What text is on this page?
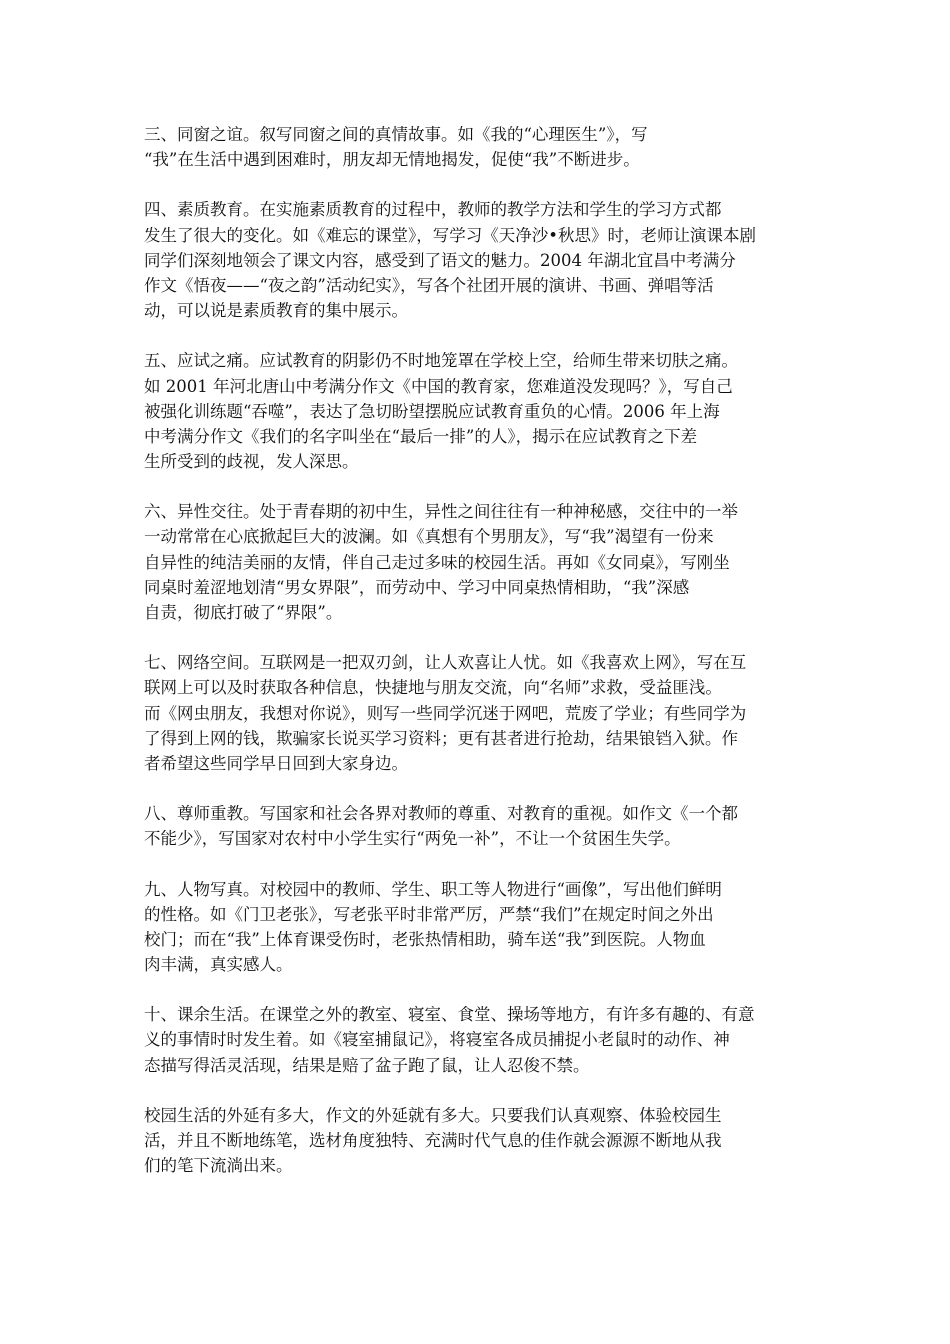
三、同窗之谊。叙写同窗之间的真情故事。如《我的“心理医生”》，写
“我”在生活中遇到困难时，朋友却无情地揭发，促使“我”不断进步。

四、素质教育。在实施素质教育的过程中，教师的教学方法和学生的学习方式都
发生了很大的变化。如《难忘的课堂》，写学习《天净沙•秋思》时，老师让演课本剧
同学们深刻地领会了课文内容，感受到了语文的魅力。2004 年湖北宜昌中考满分
作文《悟夜——“夜之韵”活动纪实》，写各个社团开展的演讲、书画、弹唱等活
动，可以说是素质教育的集中展示。

五、应试之痛。应试教育的阴影仍不时地笼罩在学校上空，给师生带来切肤之痛。
如 2001 年河北唐山中考满分作文《中国的教育家，您难道没发现吗？》，写自己
被强化训练题“吞噬”，表达了急切盼望摆脱应试教育重负的心情。2006 年上海
中考满分作文《我们的名字叫坐在“最后一排”的人》，揭示在应试教育之下差
生所受到的歧视，发人深思。

六、异性交往。处于青春期的初中生，异性之间往往有一种神秘感，交往中的一举
一动常常在心底掀起巨大的波澜。如《真想有个男朋友》，写“我”渴望有一份来
自异性的纯洁美丽的友情，伴自己走过多味的校园生活。再如《女同桌》，写刚坐
同桌时羞涩地划清“男女界限”，而劳动中、学习中同桌热情相助，“我”深感
自责，彻底打破了“界限”。

七、网络空间。互联网是一把双刃剑，让人欢喜让人忧。如《我喜欢上网》，写在互
联网上可以及时获取各种信息，快捷地与朋友交流，向“名师”求救，受益匪浅。
而《网虫朋友，我想对你说》，则写一些同学沉迷于网吧，荒废了学业；有些同学为
了得到上网的钱，欺骗家长说买学习资料；更有甚者进行抢劫，结果锒铛入狱。作
者希望这些同学早日回到大家身边。

八、尊师重教。写国家和社会各界对教师的尊重、对教育的重视。如作文《一个都
不能少》，写国家对农村中小学生实行“两免一补”，不让一个贫困生失学。

九、人物写真。对校园中的教师、学生、职工等人物进行“画像”，写出他们鲜明
的性格。如《门卫老张》，写老张平时非常严厉，严禁“我们”在规定时间之外出
校门；而在“我”上体育课受伤时，老张热情相助，骑车送“我”到医院。人物血
肉丰满，真实感人。

十、课余生活。在课堂之外的教室、寝室、食堂、操场等地方，有许多有趣的、有意
义的事情时时发生着。如《寝室捕鼠记》，将寝室各成员捕捉小老鼠时的动作、神
态描写得活灵活现，结果是赔了盆子跑了鼠，让人忍俊不禁。

校园生活的外延有多大，作文的外延就有多大。只要我们认真观察、体验校园生
活，并且不断地练笔，选材角度独特、充满时代气息的佳作就会源源不断地从我
们的笔下流淌出来。
